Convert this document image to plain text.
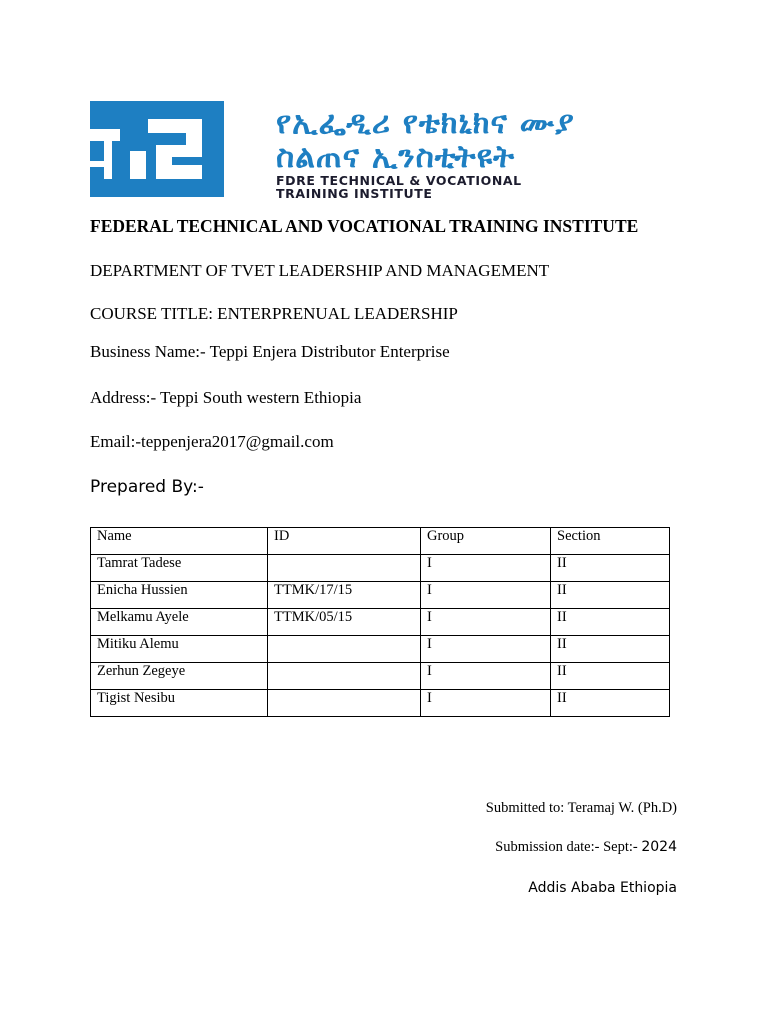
የኢፌዲሪ የቴክኒክና ሙያ
ስልጠና ኢንስቲትዩት
FDRE TECHNICAL & VOCATIONAL
TRAINING INSTITUTE
FEDERAL TECHNICAL AND VOCATIONAL TRAINING INSTITUTE
DEPARTMENT OF TVET LEADERSHIP AND MANAGEMENT
COURSE TITLE: ENTERPRENUAL LEADERSHIP
Business Name:- Teppi Enjera Distributor Enterprise
Address:- Teppi South western Ethiopia
Email:-teppenjera2017@gmail.com
Prepared By:-
Name	ID	Group	Section
Tamrat Tadese		I	II
Enicha Hussien	TTMK/17/15	I	II
Melkamu Ayele	TTMK/05/15	I	II
Mitiku Alemu		I	II
Zerhun Zegeye		I	II
Tigist Nesibu		I	II
Submitted to: Teramaj W. (Ph.D)
Submission date:- Sept:- 2024
Addis Ababa Ethiopia
